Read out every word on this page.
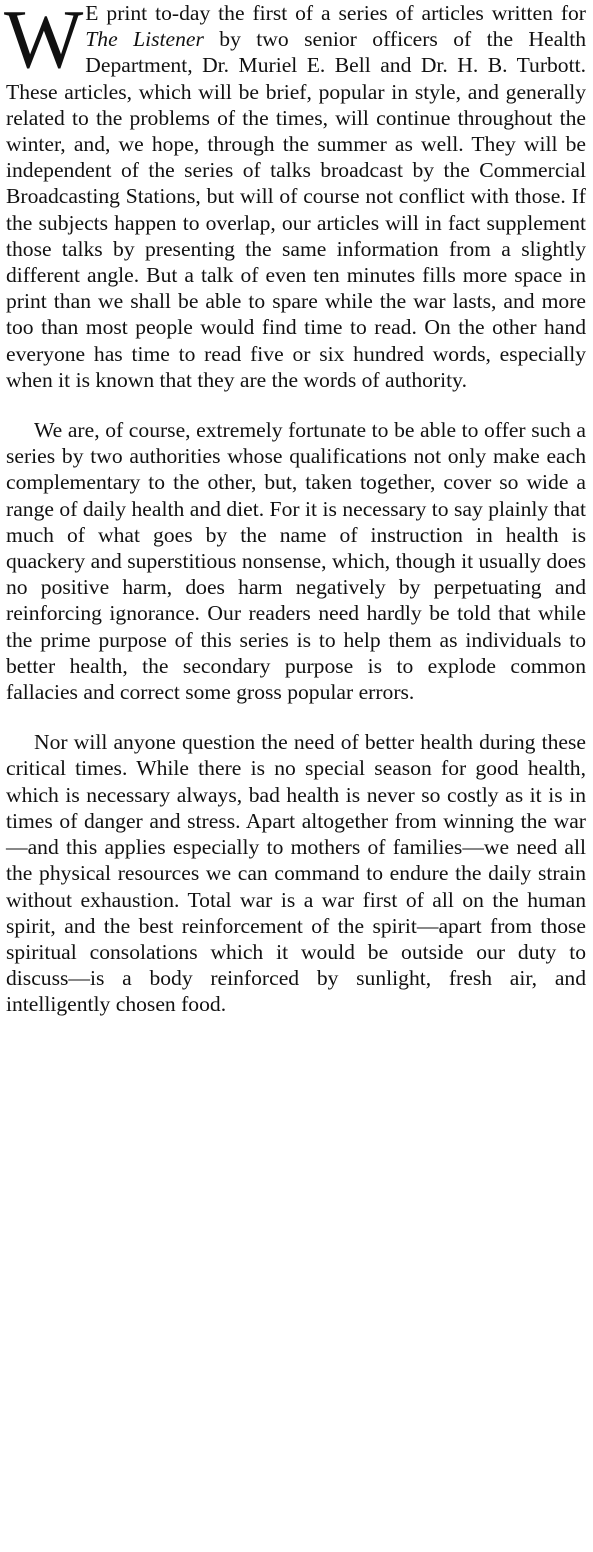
W E print to-day the first of a series of articles written for The Listener by two senior officers of the Health Department, Dr. Muriel E. Bell and Dr. H. B. Turbott. These articles, which will be brief, popular in style, and generally related to the problems of the times, will continue throughout the winter, and, we hope, through the summer as well. They will be independent of the series of talks broadcast by the Commercial Broadcasting Stations, but will of course not conflict with those. If the subjects happen to overlap, our articles will in fact supplement those talks by presenting the same information from a slightly different angle. But a talk of even ten minutes fills more space in print than we shall be able to spare while the war lasts, and more too than most people would find time to read. On the other hand everyone has time to read five or six hundred words, especially when it is known that they are the words of authority.

We are, of course, extremely fortunate to be able to offer such a series by two authorities whose qualifications not only make each complementary to the other, but, taken together, cover so wide a range of daily health and diet. For it is necessary to say plainly that much of what goes by the name of instruction in health is quackery and superstitious nonsense, which, though it usually does no positive harm, does harm negatively by perpetuating and reinforcing ignorance. Our readers need hardly be told that while the prime purpose of this series is to help them as individuals to better health, the secondary purpose is to explode common fallacies and correct some gross popular errors.

Nor will anyone question the need of better health during these critical times. While there is no special season for good health, which is necessary always, bad health is never so costly as it is in times of danger and stress. Apart altogether from winning the war—and this applies especially to mothers of families—we need all the physical resources we can command to endure the daily strain without exhaustion. Total war is a war first of all on the human spirit, and the best reinforcement of the spirit—apart from those spiritual consolations which it would be outside our duty to discuss—is a body reinforced by sunlight, fresh air, and intelligently chosen food.
